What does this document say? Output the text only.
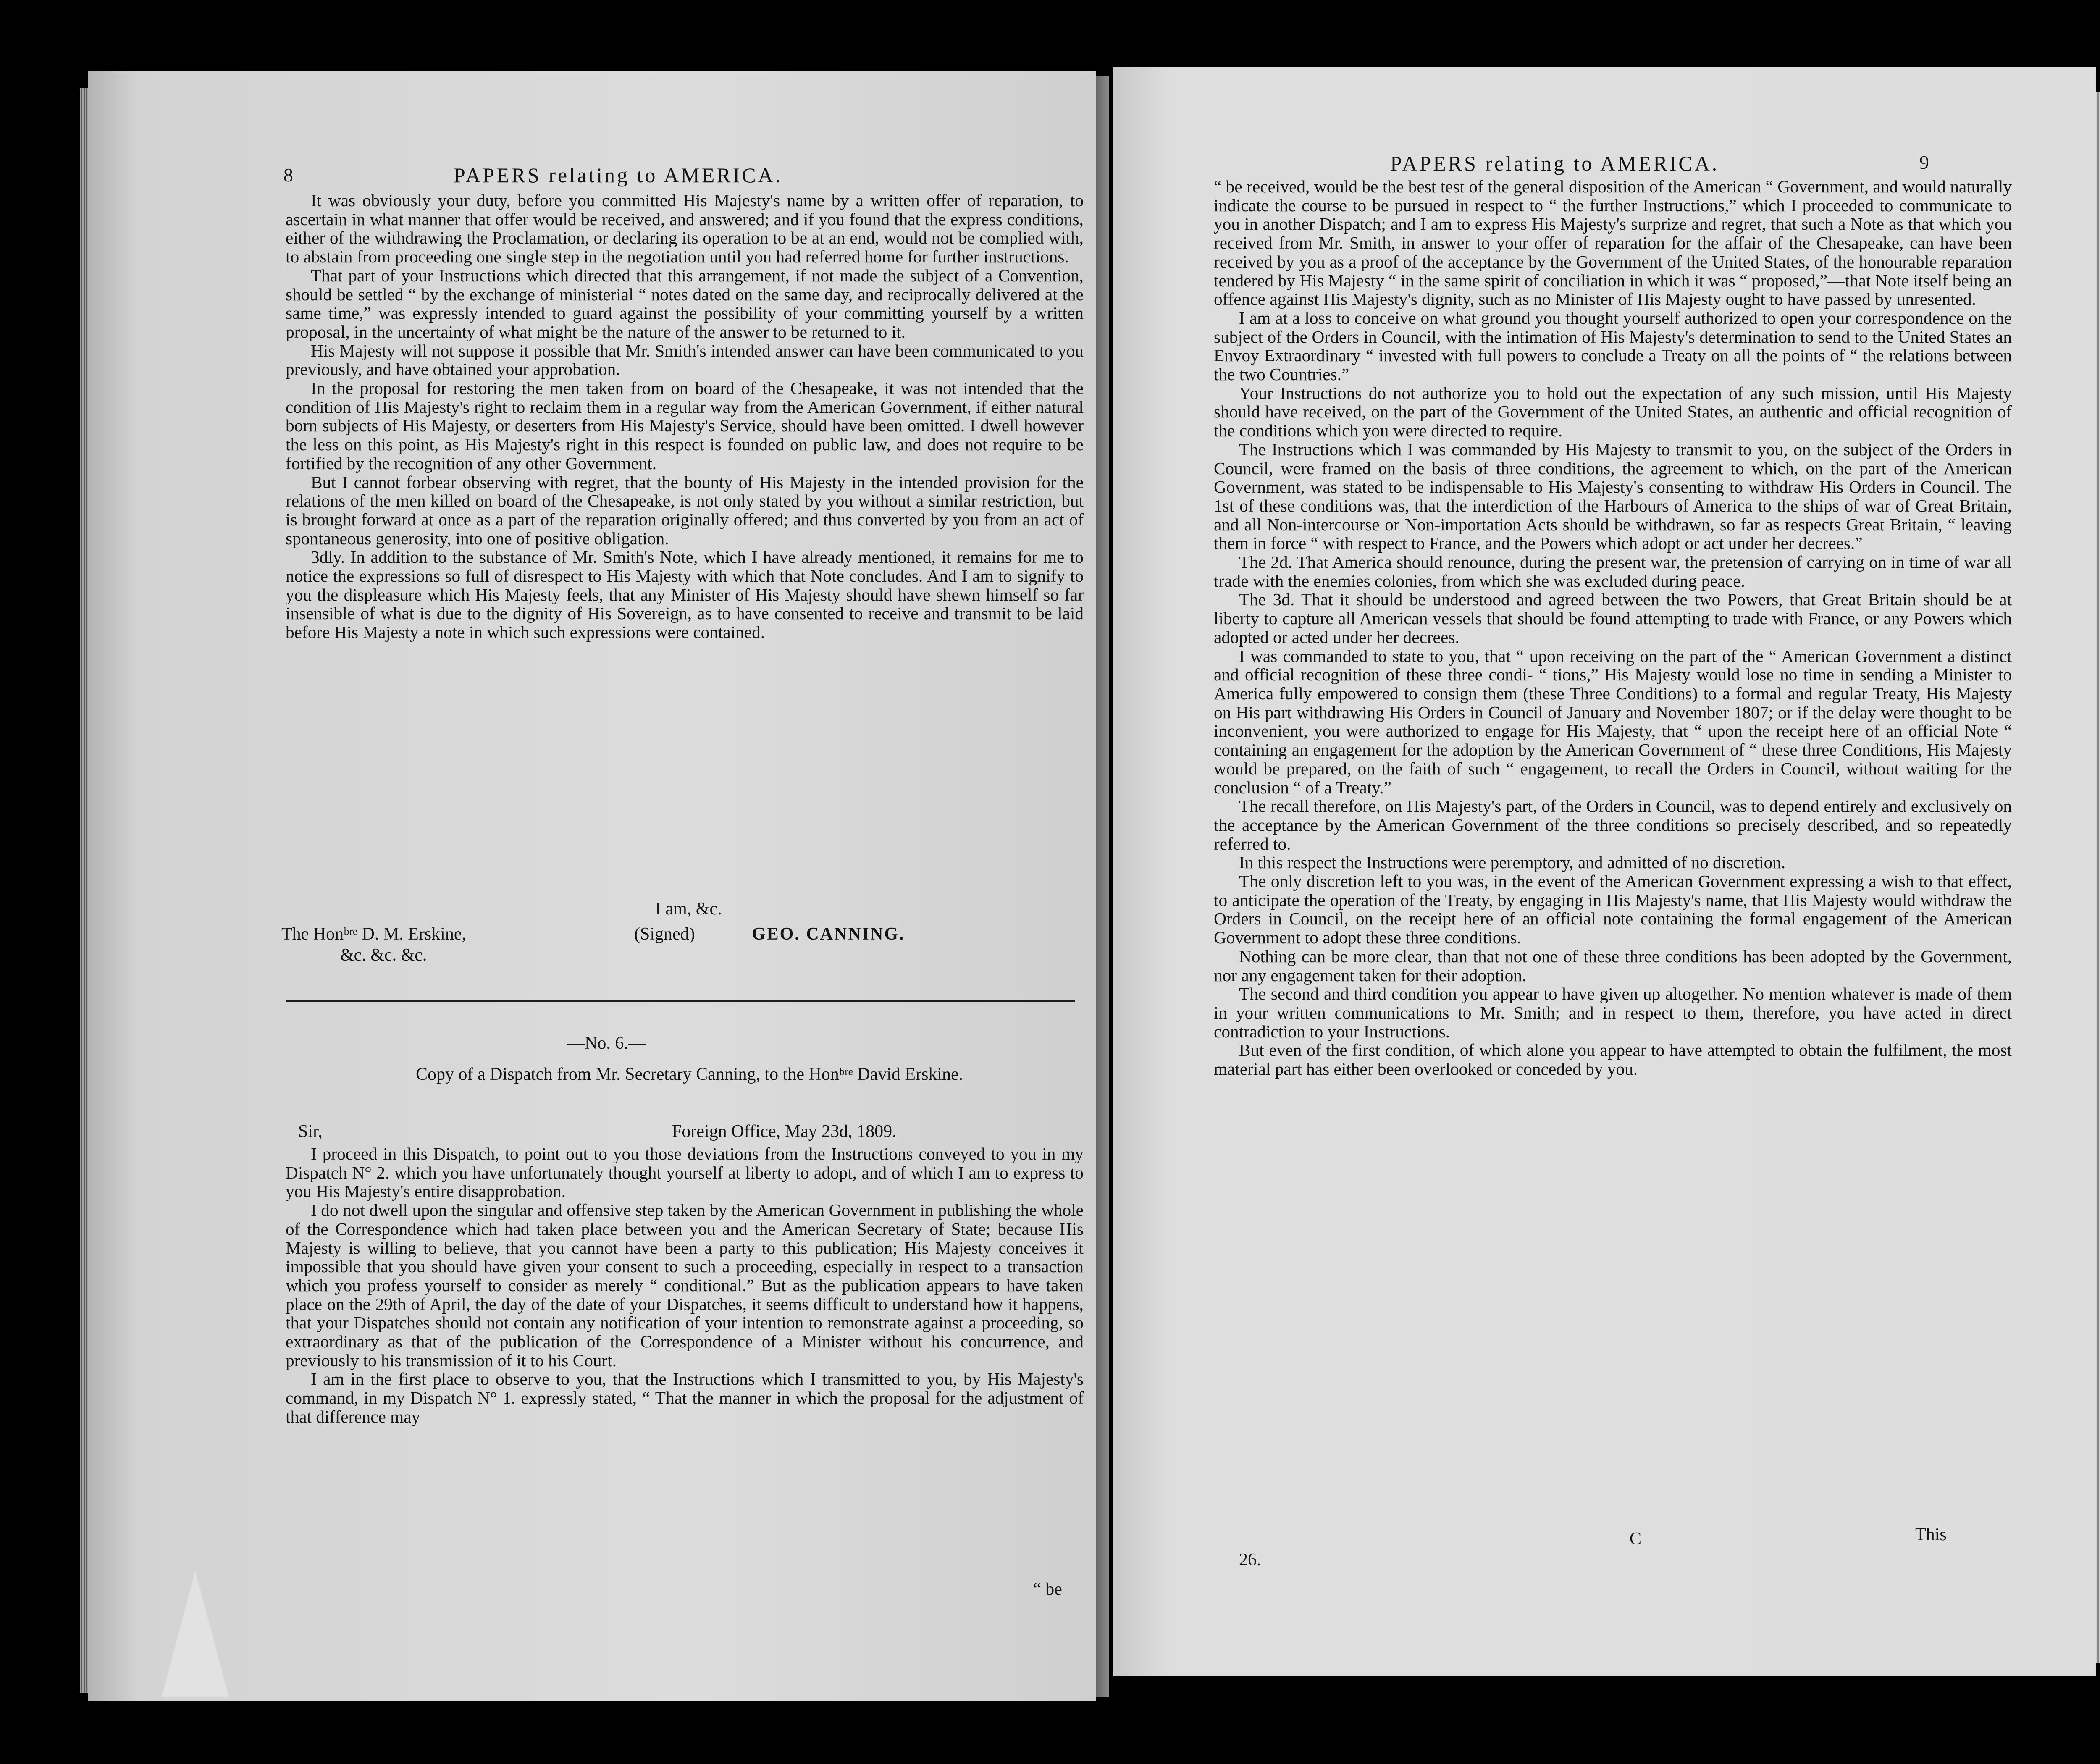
8	PAPERS relating to AMERICA.

It was obviously your duty, before you committed His Majesty's name by a written offer of reparation, to ascertain in what manner that offer would be received, and answered; and if you found that the express conditions, either of the withdrawing the Proclamation, or declaring its operation to be at an end, would not be complied with, to abstain from proceeding one single step in the negotiation until you had referred home for further instructions.

That part of your Instructions which directed that this arrangement, if not made the subject of a Convention, should be settled “ by the exchange of ministerial “ notes dated on the same day, and reciprocally delivered at the same time,” was expressly intended to guard against the possibility of your committing yourself by a written proposal, in the uncertainty of what might be the nature of the answer to be returned to it.

His Majesty will not suppose it possible that Mr. Smith's intended answer can have been communicated to you previously, and have obtained your approbation.

In the proposal for restoring the men taken from on board of the Chesapeake, it was not intended that the condition of His Majesty's right to reclaim them in a regular way from the American Government, if either natural born subjects of His Majesty, or deserters from His Majesty's Service, should have been omitted. I dwell however the less on this point, as His Majesty's right in this respect is founded on public law, and does not require to be fortified by the recognition of any other Government.

But I cannot forbear observing with regret, that the bounty of His Majesty in the intended provision for the relations of the men killed on board of the Chesapeake, is not only stated by you without a similar restriction, but is brought forward at once as a part of the reparation originally offered; and thus converted by you from an act of spontaneous generosity, into one of positive obligation.

3dly. In addition to the substance of Mr. Smith's Note, which I have already mentioned, it remains for me to notice the expressions so full of disrespect to His Majesty with which that Note concludes. And I am to signify to you the displeasure which His Majesty feels, that any Minister of His Majesty should have shewn himself so far insensible of what is due to the dignity of His Sovereign, as to have consented to receive and transmit to be laid before His Majesty a note in which such expressions were contained.

I am, &c.
(Signed)	GEO. CANNING.
The Honᵇʳᵉ D. M. Erskine,
&c. &c. &c.
—No. 6.—
Copy of a Dispatch from Mr. Secretary Canning, to the Honᵇʳᵉ David Erskine.
Sir,	Foreign Office, May 23d, 1809.

I proceed in this Dispatch, to point out to you those deviations from the Instructions conveyed to you in my Dispatch N° 2. which you have unfortunately thought yourself at liberty to adopt, and of which I am to express to you His Majesty's entire disapprobation.

I do not dwell upon the singular and offensive step taken by the American Government in publishing the whole of the Correspondence which had taken place between you and the American Secretary of State; because His Majesty is willing to believe, that you cannot have been a party to this publication; His Majesty conceives it impossible that you should have given your consent to such a proceeding, especially in respect to a transaction which you profess yourself to consider as merely “ conditional.” But as the publication appears to have taken place on the 29th of April, the day of the date of your Dispatches, it seems difficult to understand how it happens, that your Dispatches should not contain any notification of your intention to remonstrate against a proceeding, so extraordinary as that of the publication of the Correspondence of a Minister without his concurrence, and previously to his transmission of it to his Court.

I am in the first place to observe to you, that the Instructions which I transmitted to you, by His Majesty's command, in my Dispatch N° 1. expressly stated, “ That the manner in which the proposal for the adjustment of that difference may

“ be
PAPERS relating to AMERICA.	9

“ be received, would be the best test of the general disposition of the American “ Government, and would naturally indicate the course to be pursued in respect to “ the further Instructions,” which I proceeded to communicate to you in another Dispatch; and I am to express His Majesty's surprize and regret, that such a Note as that which you received from Mr. Smith, in answer to your offer of reparation for the affair of the Chesapeake, can have been received by you as a proof of the acceptance by the Government of the United States, of the honourable reparation tendered by His Majesty “ in the same spirit of conciliation in which it was “ proposed,”—that Note itself being an offence against His Majesty's dignity, such as no Minister of His Majesty ought to have passed by unresented.

I am at a loss to conceive on what ground you thought yourself authorized to open your correspondence on the subject of the Orders in Council, with the intimation of His Majesty's determination to send to the United States an Envoy Extraordinary “ invested with full powers to conclude a Treaty on all the points of “ the relations between the two Countries.”

Your Instructions do not authorize you to hold out the expectation of any such mission, until His Majesty should have received, on the part of the Government of the United States, an authentic and official recognition of the conditions which you were directed to require.

The Instructions which I was commanded by His Majesty to transmit to you, on the subject of the Orders in Council, were framed on the basis of three conditions, the agreement to which, on the part of the American Government, was stated to be indispensable to His Majesty's consenting to withdraw His Orders in Council. The 1st of these conditions was, that the interdiction of the Harbours of America to the ships of war of Great Britain, and all Non-intercourse or Non-importation Acts should be withdrawn, so far as respects Great Britain, “ leaving them in force “ with respect to France, and the Powers which adopt or act under her decrees.”

The 2d. That America should renounce, during the present war, the pretension of carrying on in time of war all trade with the enemies colonies, from which she was excluded during peace.

The 3d. That it should be understood and agreed between the two Powers, that Great Britain should be at liberty to capture all American vessels that should be found attempting to trade with France, or any Powers which adopted or acted under her decrees.

I was commanded to state to you, that “ upon receiving on the part of the “ American Government a distinct and official recognition of these three condi- “ tions,” His Majesty would lose no time in sending a Minister to America fully empowered to consign them (these Three Conditions) to a formal and regular Treaty, His Majesty on His part withdrawing His Orders in Council of January and November 1807; or if the delay were thought to be inconvenient, you were authorized to engage for His Majesty, that “ upon the receipt here of an official Note “ containing an engagement for the adoption by the American Government of “ these three Conditions, His Majesty would be prepared, on the faith of such “ engagement, to recall the Orders in Council, without waiting for the conclusion “ of a Treaty.”

The recall therefore, on His Majesty's part, of the Orders in Council, was to depend entirely and exclusively on the acceptance by the American Government of the three conditions so precisely described, and so repeatedly referred to.

In this respect the Instructions were peremptory, and admitted of no discretion.

The only discretion left to you was, in the event of the American Government expressing a wish to that effect, to anticipate the operation of the Treaty, by engaging in His Majesty's name, that His Majesty would withdraw the Orders in Council, on the receipt here of an official note containing the formal engagement of the American Government to adopt these three conditions.

Nothing can be more clear, than that not one of these three conditions has been adopted by the Government, nor any engagement taken for their adoption.

The second and third condition you appear to have given up altogether. No mention whatever is made of them in your written communications to Mr. Smith; and in respect to them, therefore, you have acted in direct contradiction to your Instructions.

But even of the first condition, of which alone you appear to have attempted to obtain the fulfilment, the most material part has either been overlooked or conceded by you.

C	This
26.
